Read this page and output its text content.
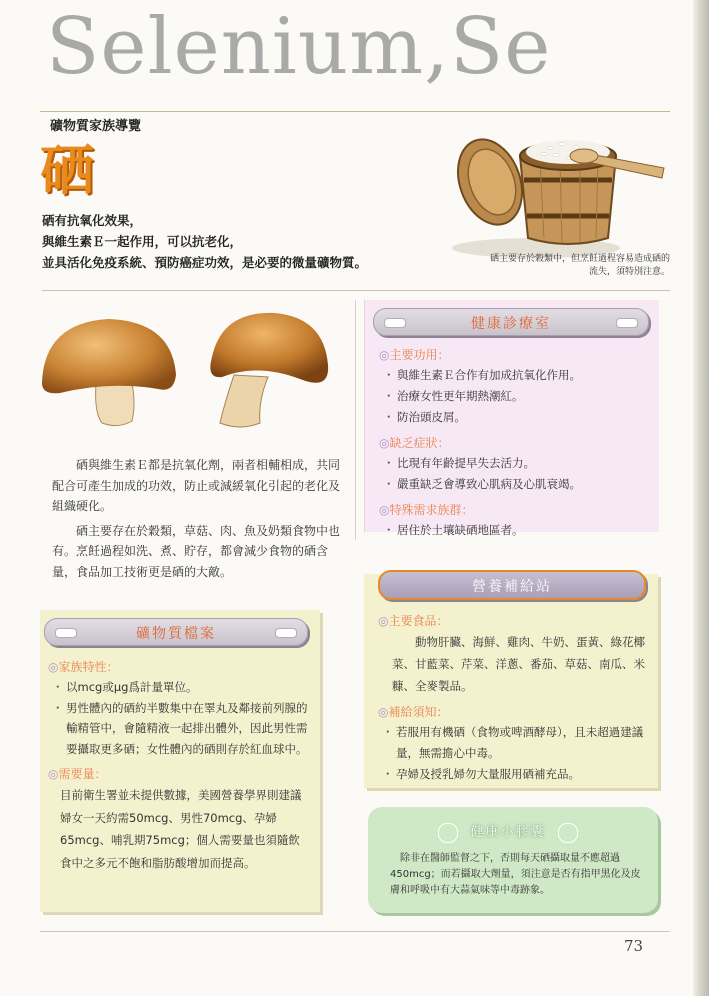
Selenium,Se
礦物質家族導覽
硒
硒有抗氧化效果，
與維生素Ｅ一起作用，可以抗老化，
並具活化免疫系統、預防癌症功效，是必要的微量礦物質。	硒主要存於穀類中，但烹飪過程容易造成硒的流失，須特別注意。

硒與維生素Ｅ都是抗氧化劑，兩者相輔相成，共同配合可產生加成的功效，防止或減緩氧化引起的老化及組織硬化。

硒主要存在於穀類，草菇、肉、魚及奶類食物中也有。烹飪過程如洗、煮、貯存，都會減少食物的硒含量，食品加工技術更是硒的大敵。

健康診療室
◎主要功用：
・ 與維生素Ｅ合作有加成抗氧化作用。
・ 治療女性更年期熱潮紅。
・ 防治頭皮屑。
◎缺乏症狀：
・ 比現有年齡提早失去活力。
・ 嚴重缺乏會導致心肌病及心肌衰竭。
◎特殊需求族群：
・ 居住於土壤缺硒地區者。
營養補給站
◎主要食品：
動物肝臟、海鮮、雞肉、牛奶、蛋黃、綠花椰菜、甘藍菜、芹菜、洋蔥、番茄、草菇、南瓜、米糠、全麥製品。
◎補給須知：
・ 若服用有機硒（食物或啤酒酵母），且未超過建議量，無需擔心中毒。
・ 孕婦及授乳婦勿大量服用硒補充品。
礦物質檔案
◎家族特性：
・ 以mcg或μg爲計量單位。
・ 男性體內的硒約半數集中在睪丸及鄰接前列腺的輸精管中，會隨精液一起排出體外，因此男性需要攝取更多硒；女性體內的硒則存於紅血球中。
◎需要量：
目前衛生署並未提供數據，美國營養學界則建議婦女一天約需50mcg、男性70mcg、孕婦65mcg、哺乳期75mcg；個人需要量也須隨飲食中之多元不飽和脂肪酸增加而提高。
健康小膠囊
除非在醫師監督之下，否則每天硒攝取量不應超過450mcg；而若攝取大劑量，須注意是否有指甲黑化及皮膚和呼吸中有大蒜氣味等中毒跡象。
73
